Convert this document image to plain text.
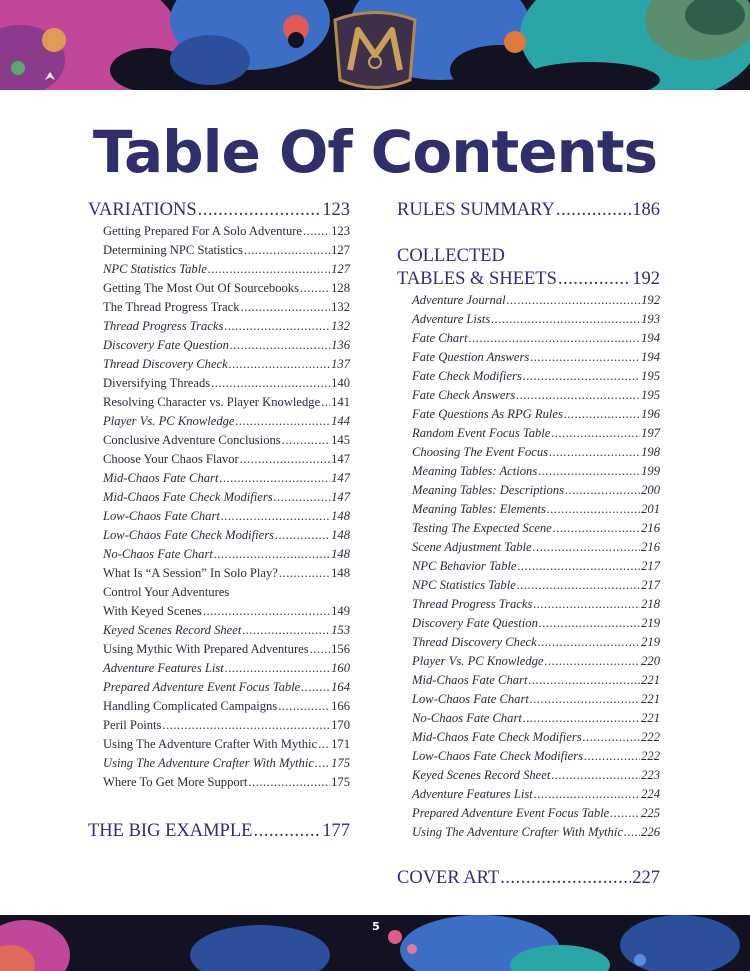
Table Of Contents
VARIATIONS .....	123
Getting Prepared For A Solo Adventure ..... 123
Determining NPC Statistics .....	127
NPC Statistics Table .....	127
Getting The Most Out Of Sourcebooks .....	128
The Thread Progress Track .....	132
Thread Progress Tracks .....	132
Discovery Fate Question .....	136
Thread Discovery Check .....	137
Diversifying Threads .....	140
Resolving Character vs. Player Knowledge ..... 141
Player Vs. PC Knowledge .....	144
Conclusive Adventure Conclusions .....	145
Choose Your Chaos Flavor .....	147
Mid-Chaos Fate Chart .....	147
Mid-Chaos Fate Check Modifiers .....	147
Low-Chaos Fate Chart .....	148
Low-Chaos Fate Check Modifiers .....	148
No-Chaos Fate Chart .....	148
What Is “A Session” In Solo Play? .....	148
Control Your Adventures
With Keyed Scenes .....	149
Keyed Scenes Record Sheet .....	153
Using Mythic With Prepared Adventures ..... 156
Adventure Features List .....	160
Prepared Adventure Event Focus Table ..... 164
Handling Complicated Campaigns .....	166
Peril Points .....	170
Using The Adventure Crafter With Mythic ..... 171
Using The Adventure Crafter With Mythic ..... 175
Where To Get More Support .....	175
THE BIG EXAMPLE .....	177
RULES SUMMARY .....	186
COLLECTED
TABLES & SHEETS .....	192
Adventure Journal .....	192
Adventure Lists .....	193
Fate Chart .....	194
Fate Question Answers .....	194
Fate Check Modifiers .....	195
Fate Check Answers .....	195
Fate Questions As RPG Rules .....	196
Random Event Focus Table .....	197
Choosing The Event Focus .....	198
Meaning Tables: Actions .....	199
Meaning Tables: Descriptions .....	200
Meaning Tables: Elements .....	201
Testing The Expected Scene .....	216
Scene Adjustment Table .....	216
NPC Behavior Table .....	217
NPC Statistics Table .....	217
Thread Progress Tracks .....	218
Discovery Fate Question .....	219
Thread Discovery Check .....	219
Player Vs. PC Knowledge .....	220
Mid-Chaos Fate Chart .....	221
Low-Chaos Fate Chart .....	221
No-Chaos Fate Chart .....	221
Mid-Chaos Fate Check Modifiers .....	222
Low-Chaos Fate Check Modifiers .....	222
Keyed Scenes Record Sheet .....	223
Adventure Features List .....	224
Prepared Adventure Event Focus Table .....	225
Using The Adventure Crafter With Mythic ..... 226
COVER ART .....	227
5
